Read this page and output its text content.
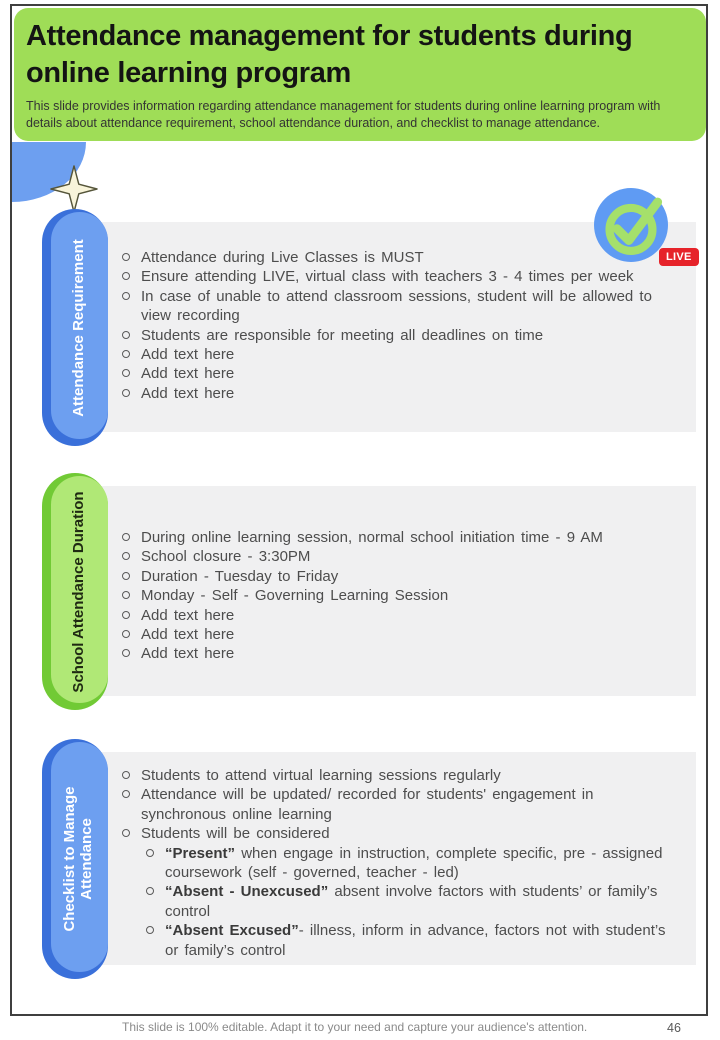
Attendance management for students during online learning program

This slide provides information regarding attendance management for students during online learning program with details about attendance requirement, school attendance duration, and checklist to manage attendance.

LIVE
Attendance Requirement	Attendance during Live Classes is MUST
Ensure attending LIVE, virtual class with teachers 3 - 4 times per week
In case of unable to attend classroom sessions, student will be allowed to view recording
Students are responsible for meeting all deadlines on time
Add text here
Add text here
Add text here
School Attendance Duration	During online learning session, normal school initiation time - 9 AM
School closure - 3:30PM
Duration - Tuesday to Friday
Monday - Self - Governing Learning Session
Add text here
Add text here
Add text here
Checklist to Manage Attendance
Students to attend virtual learning sessions regularly
Attendance will be updated/ recorded for students' engagement in synchronous online learning
Students will be considered
“Present” when engage in instruction, complete specific, pre - assigned coursework (self - governed, teacher - led)
“Absent - Unexcused” absent involve factors with students’ or family’s control
“Absent Excused”- illness, inform in advance, factors not with student’s or family’s control
This slide is 100% editable. Adapt it to your need and capture your audience's attention.	46
